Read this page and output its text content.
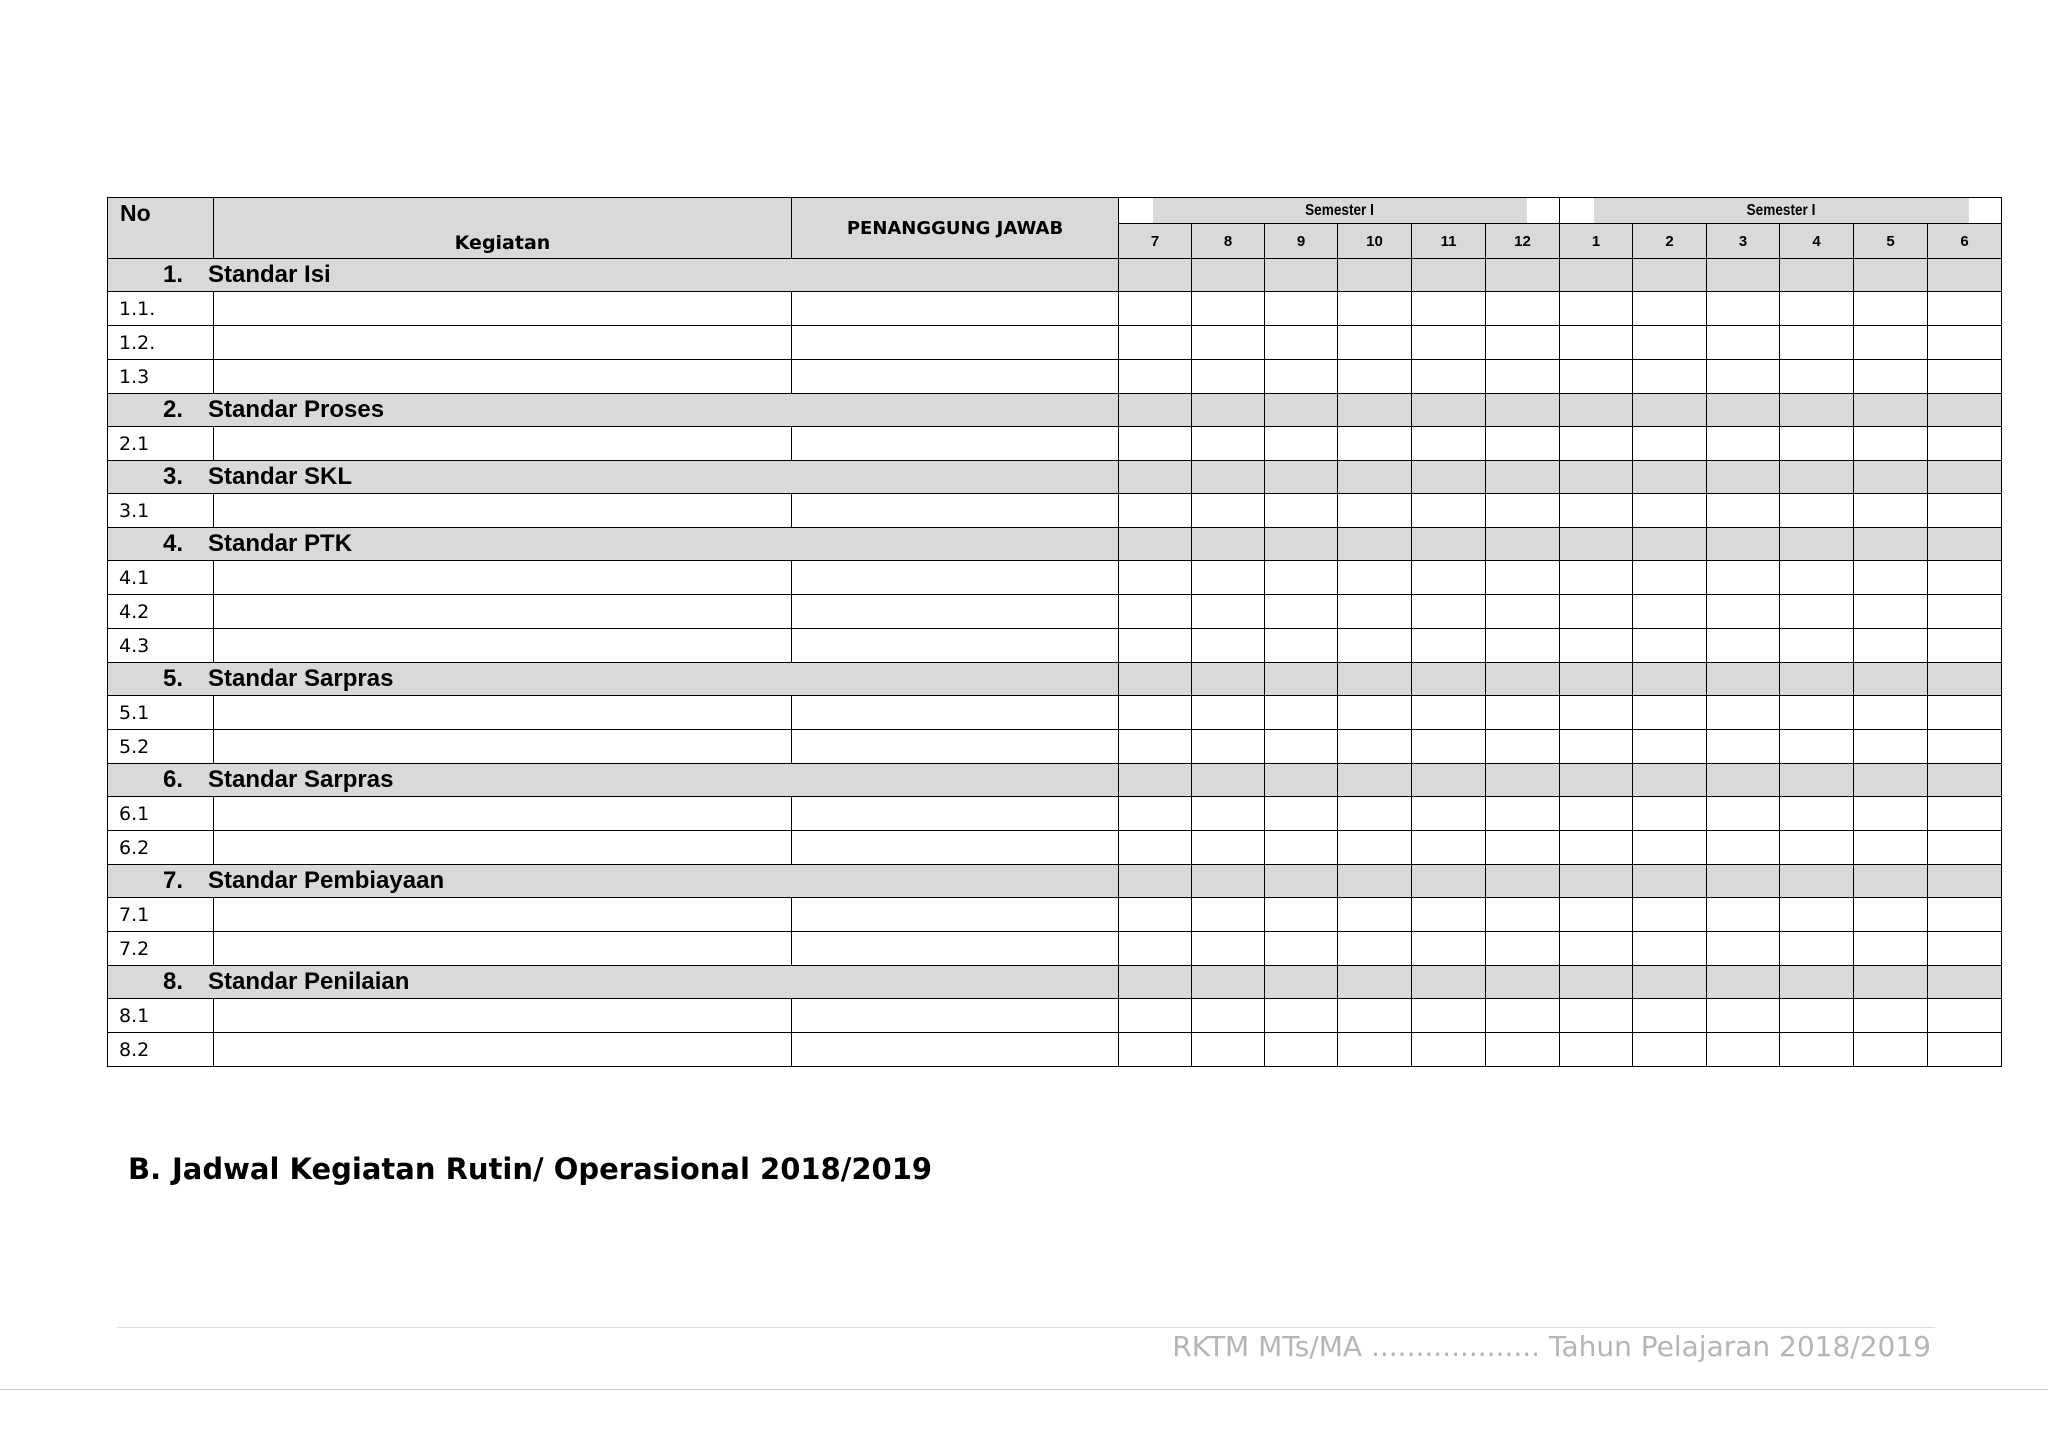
No	Kegiatan	PENANGGUNG JAWAB	Semester I						Semester I					
			7	8	9	10	11	12	1	2	3	4	5	6
1. Standar Isi														
1.1.														
1.2.														
1.3														
2. Standar Proses														
2.1														
3. Standar SKL														
3.1														
4. Standar PTK														
4.1														
4.2														
4.3														
5. Standar Sarpras														
5.1														
5.2														
6. Standar Sarpras														
6.1														
6.2														
7. Standar Pembiayaan														
7.1														
7.2														
8. Standar Penilaian														
8.1														
8.2														
B. Jadwal Kegiatan Rutin/ Operasional 2018/2019
RKTM MTs/MA ................... Tahun Pelajaran 2018/2019
